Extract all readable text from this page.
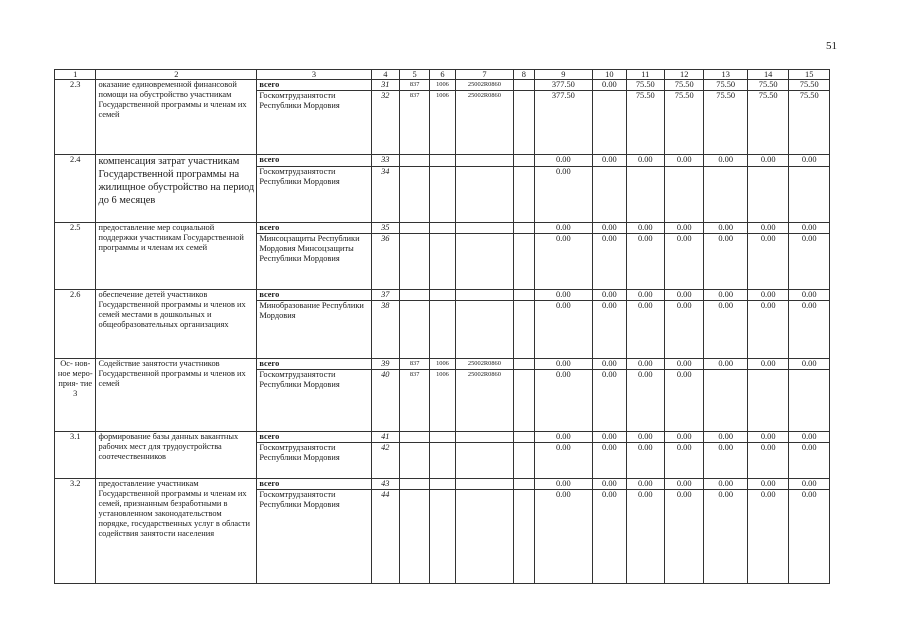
51
1	2	3	4	5	6	7	8	9	10	11	12	13	14	15
2.3	оказание единовременной финансовой помощи на обустройство участникам Государственной программы и членам их семей	всего	31	837	1006	25002R0860		377.50	0.00	75.50	75.50	75.50	75.50	75.50
		Госкомтрудзанятости Республики Мордовия	32	837	1006	25002R0860		377.50		75.50	75.50	75.50	75.50	75.50
2.4	компенсация затрат участникам Государственной программы на жилищное обустройство на период до 6 месяцев	всего	33					0.00	0.00	0.00	0.00	0.00	0.00	0.00
		Госкомтрудзанятости Республики Мордовия	34					0.00						
2.5	предоставление мер социальной поддержки участникам Государственной программы и членам их семей	всего	35					0.00	0.00	0.00	0.00	0.00	0.00	0.00
		Минсоцзащиты Республики Мордовия Минсоцзащиты Республики Мордовия	36					0.00	0.00	0.00	0.00	0.00	0.00	0.00
2.6	обеспечение детей участников Государственной программы и членов их семей местами в дошкольных и общеобразовательных организациях	всего	37					0.00	0.00	0.00	0.00	0.00	0.00	0.00
		Минобразование Республики Мордовия	38					0.00	0.00	0.00	0.00	0.00	0.00	0.00
Ос- нов- ное меро- прия- тие 3	Содействие занятости участников Государственной программы и членов их семей	всего	39	837	1006	25002R0860		0.00	0.00	0.00	0.00	0.00	0.00	0.00
		Госкомтрудзанятости Республики Мордовия	40	837	1006	25002R0860		0.00	0.00	0.00	0.00			
3.1	формирование базы данных вакантных рабочих мест для трудоустройства соотечественников	всего	41					0.00	0.00	0.00	0.00	0.00	0.00	0.00
		Госкомтрудзанятости Республики Мордовия	42					0.00	0.00	0.00	0.00	0.00	0.00	0.00
3.2	предоставление участникам Государственной программы и членам их семей, признанным безработными в установленном законодательством порядке, государственных услуг в области содействия занятости населения	всего	43					0.00	0.00	0.00	0.00	0.00	0.00	0.00
		Госкомтрудзанятости Республики Мордовия	44					0.00	0.00	0.00	0.00	0.00	0.00	0.00
